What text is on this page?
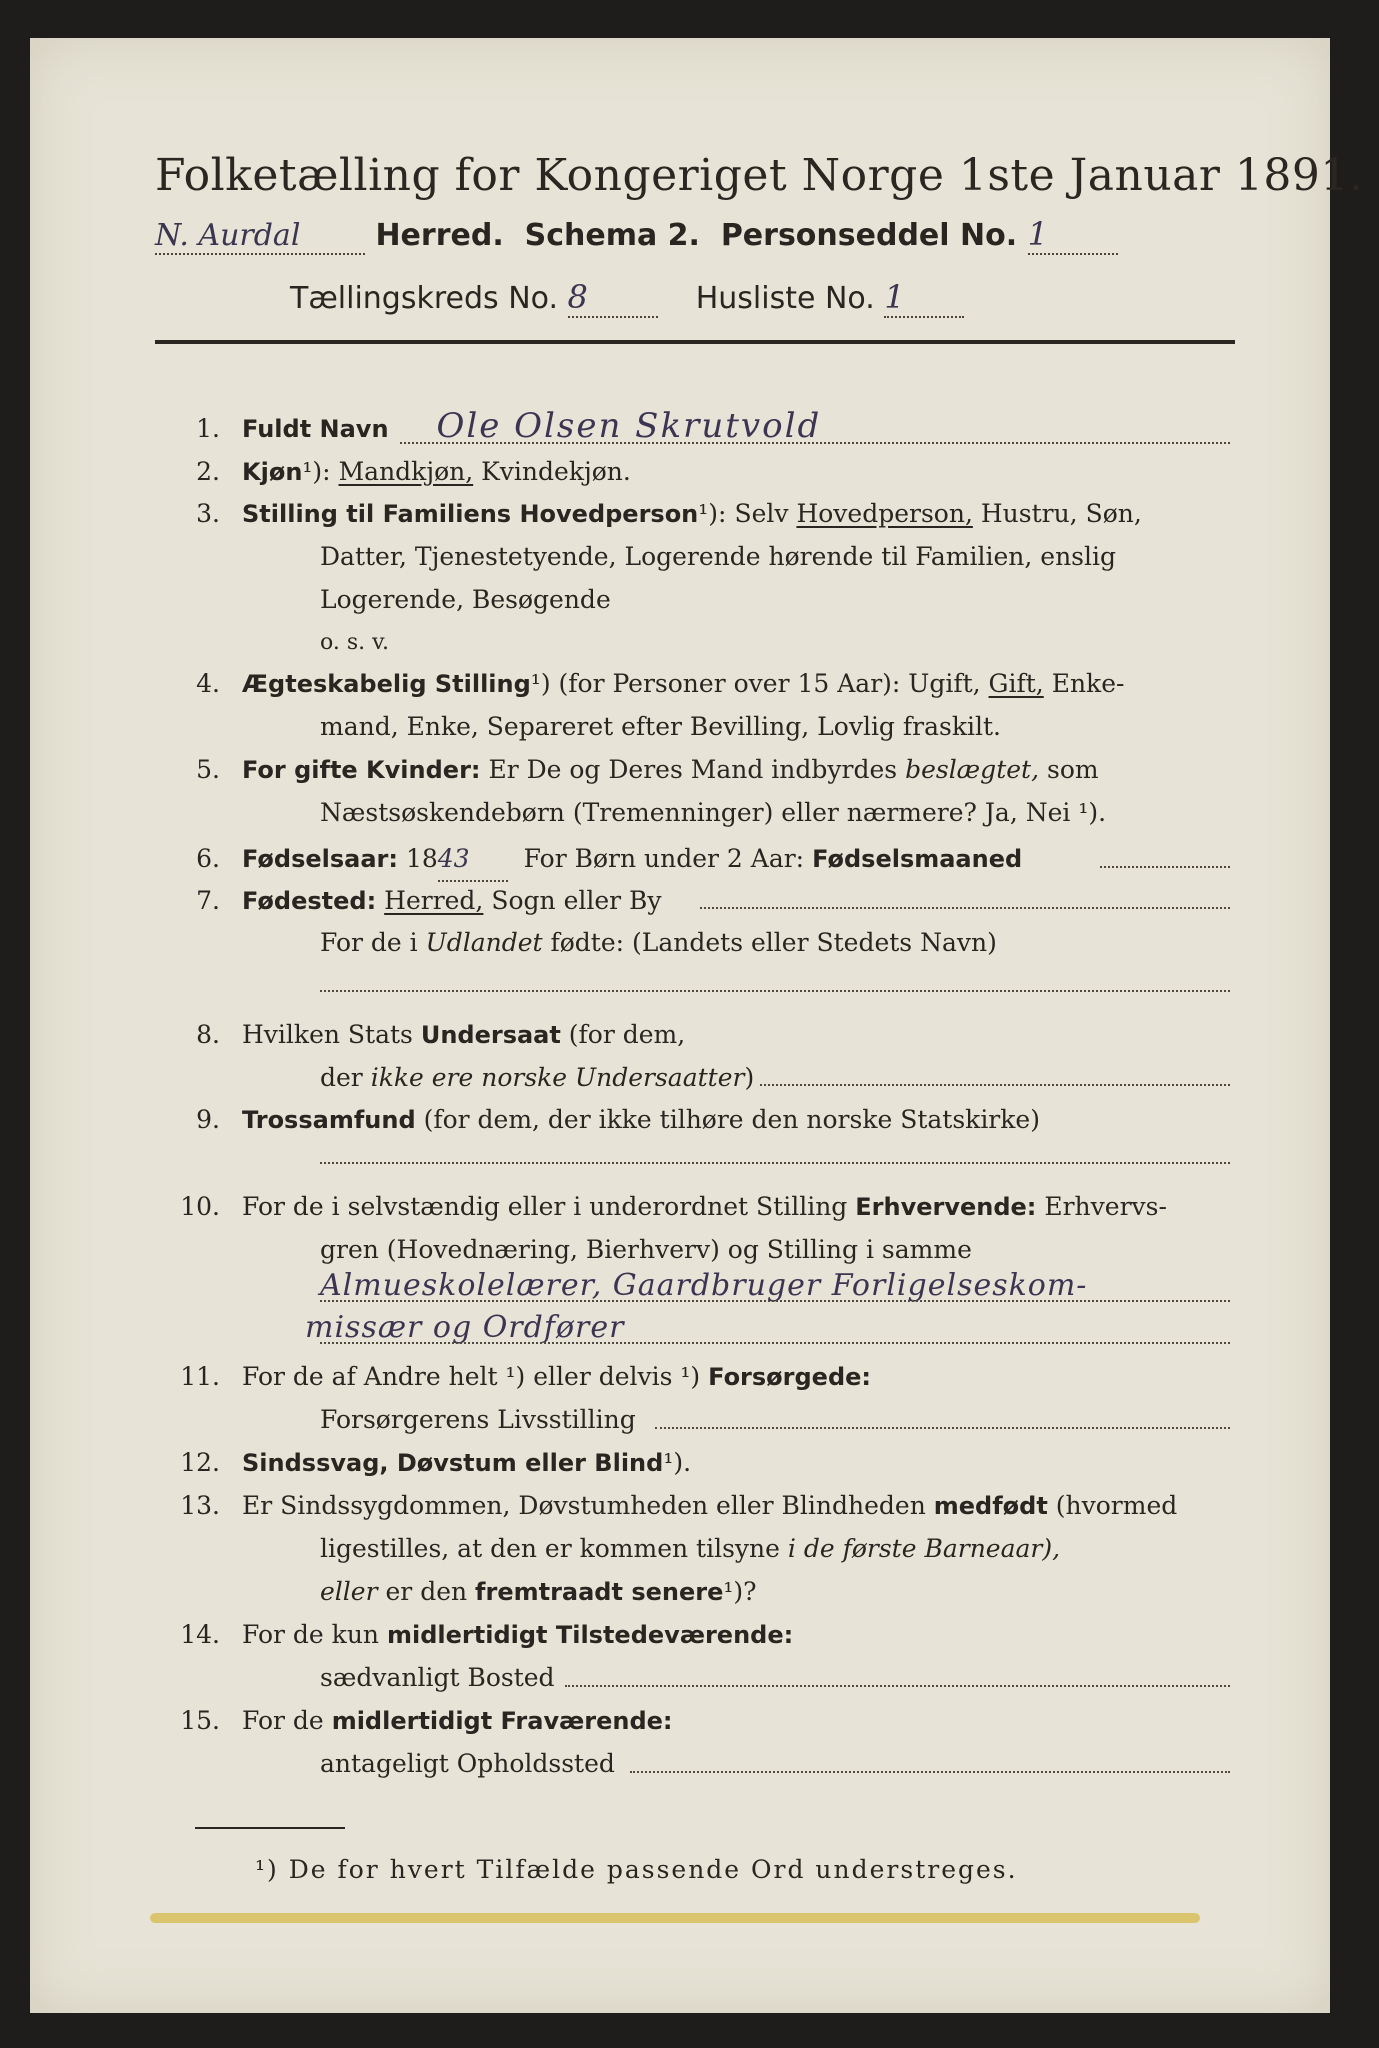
Folketælling for Kongeriget Norge 1ste Januar 1891.
N. Aurdal	Herred. Schema 2. Personseddel No. 1
Tællingskreds No. 8	Husliste No. 1
1. Fuldt Navn Ole Olsen Skrutvold
2. Kjøn¹): Mandkjøn, Kvindekjøn.
3. Stilling til Familiens Hovedperson¹): Selv Hovedperson, Hustru, Søn,
Datter, Tjenestetyende, Logerende hørende til Familien, enslig
Logerende, Besøgende
o. s. v.
4. Ægteskabelig Stilling¹) (for Personer over 15 Aar): Ugift, Gift, Enke-
mand, Enke, Separeret efter Bevilling, Lovlig fraskilt.
5. For gifte Kvinder: Er De og Deres Mand indbyrdes beslægtet, som
Næstsøskendebørn (Tremenninger) eller nærmere? Ja, Nei ¹).
6. Fødselsaar: 1843 For Børn under 2 Aar: Fødselsmaaned
7. Fødested: Herred, Sogn eller By
For de i Udlandet fødte: (Landets eller Stedets Navn)
8. Hvilken Stats Undersaat (for dem,
der ikke ere norske Undersaatter)
9. Trossamfund (for dem, der ikke tilhøre den norske Statskirke)
10. For de i selvstændig eller i underordnet Stilling Erhvervende: Erhvervs-
gren (Hovednæring, Bierhverv) og Stilling i samme
Almueskolelærer, Gaardbruger Forligelseskom-
missær og Ordfører
11. For de af Andre helt ¹) eller delvis ¹) Forsørgede:
Forsørgerens Livsstilling
12. Sindssvag, Døvstum eller Blind¹).
13. Er Sindssygdommen, Døvstumheden eller Blindheden medfødt (hvormed
ligestilles, at den er kommen tilsyne i de første Barneaar),
eller er den fremtraadt senere¹)?
14. For de kun midlertidigt Tilstedeværende:
sædvanligt Bosted
15. For de midlertidigt Fraværende:
antageligt Opholdssted
¹) De for hvert Tilfælde passende Ord understreges.
